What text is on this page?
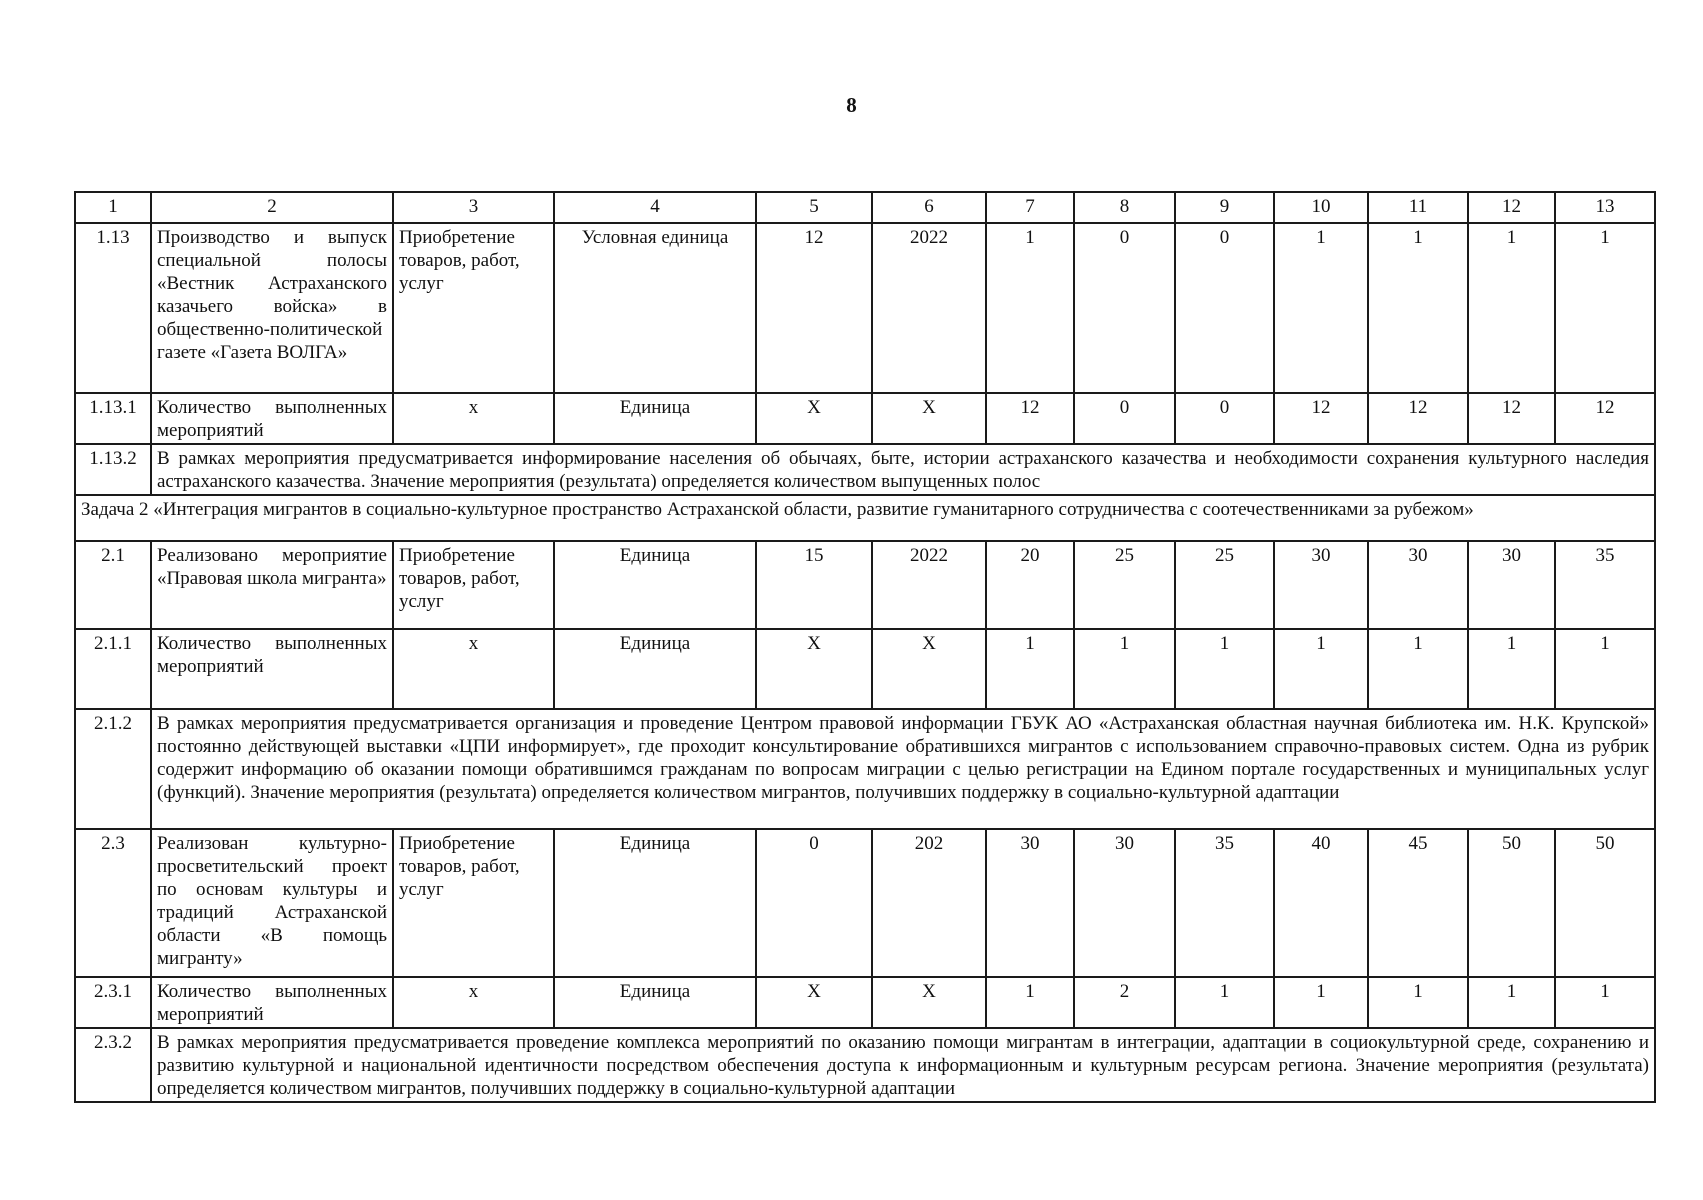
8
1	2	3	4	5	6	7	8	9	10	11	12	13
1.13	Производство и выпуск специальной полосы «Вестник Астраханского казачьего войска» в общественно-политической газете «Газета ВОЛГА»	Приобретение товаров, работ, услуг	Условная единица	12	2022	1	0	0	1	1	1	1
1.13.1	Количество выполненных мероприятий	x	Единица	X	X	12	0	0	12	12	12	12
1.13.2	В рамках мероприятия предусматривается информирование населения об обычаях, быте, истории астраханского казачества и необходимости сохранения культурного наследия астраханского казачества. Значение мероприятия (результата) определяется количеством выпущенных полос											
Задача 2 «Интеграция мигрантов в социально-культурное пространство Астраханской области, развитие гуманитарного сотрудничества с соотечественниками за рубежом»												
2.1	Реализовано мероприятие «Правовая школа мигранта»	Приобретение товаров, работ, услуг	Единица	15	2022	20	25	25	30	30	30	35
2.1.1	Количество выполненных мероприятий	x	Единица	X	X	1	1	1	1	1	1	1
2.1.2	В рамках мероприятия предусматривается организация и проведение Центром правовой информации ГБУК АО «Астраханская областная научная библиотека им. Н.К. Крупской» постоянно действующей выставки «ЦПИ информирует», где проходит консультирование обратившихся мигрантов с использованием справочно-правовых систем. Одна из рубрик содержит информацию об оказании помощи обратившимся гражданам по вопросам миграции с целью регистрации на Едином портале государственных и муниципальных услуг (функций). Значение мероприятия (результата) определяется количеством мигрантов, получивших поддержку в социально-культурной адаптации											
2.3	Реализован культурно-просветительский проект по основам культуры и традиций Астраханской области «В помощь мигранту»	Приобретение товаров, работ, услуг	Единица	0	202	30	30	35	40	45	50	50
2.3.1	Количество выполненных мероприятий	x	Единица	X	X	1	2	1	1	1	1	1
2.3.2	В рамках мероприятия предусматривается проведение комплекса мероприятий по оказанию помощи мигрантам в интеграции, адаптации в социокультурной среде, сохранению и развитию культурной и национальной идентичности посредством обеспечения доступа к информационным и культурным ресурсам региона. Значение мероприятия (результата) определяется количеством мигрантов, получивших поддержку в социально-культурной адаптации											
